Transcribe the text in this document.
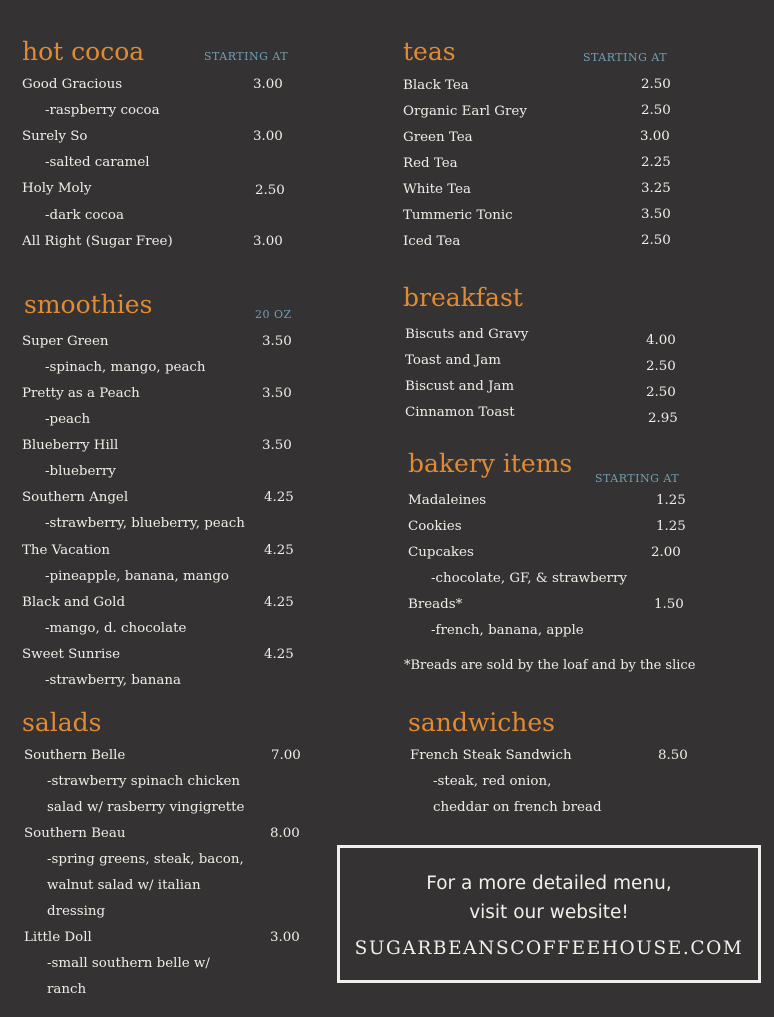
hot cocoa	STARTING AT
Good Gracious	3.00
-raspberry cocoa
Surely So	3.00
-salted caramel
Holy Moly	2.50
-dark cocoa
All Right (Sugar Free)	3.00
teas	STARTING AT
Black Tea	2.50
Organic Earl Grey	2.50
Green Tea	3.00
Red Tea	2.25
White Tea	3.25
Tummeric Tonic	3.50
Iced Tea	2.50
smoothies	20 OZ
Super Green	3.50
-spinach, mango, peach
Pretty as a Peach	3.50
-peach
Blueberry Hill	3.50
-blueberry
Southern Angel	4.25
-strawberry, blueberry, peach
The Vacation	4.25
-pineapple, banana, mango
Black and Gold	4.25
-mango, d. chocolate
Sweet Sunrise	4.25
-strawberry, banana
breakfast
Biscuts and Gravy	4.00
Toast and Jam	2.50
Biscust and Jam	2.50
Cinnamon Toast	2.95
bakery items
STARTING AT
Madaleines	1.25
Cookies	1.25
Cupcakes	2.00
-chocolate, GF, & strawberry
Breads*	1.50
-french, banana, apple
*Breads are sold by the loaf and by the slice
salads
Southern Belle	7.00
-strawberry spinach chicken
salad w/ rasberry vingigrette
Southern Beau	8.00
-spring greens, steak, bacon,
walnut salad w/ italian
dressing
Little Doll	3.00
-small southern belle w/
ranch
sandwiches
French Steak Sandwich	8.50
-steak, red onion,
cheddar on french bread
For a more detailed menu,
visit our website!
SUGARBEANSCOFFEEHOUSE.COM
